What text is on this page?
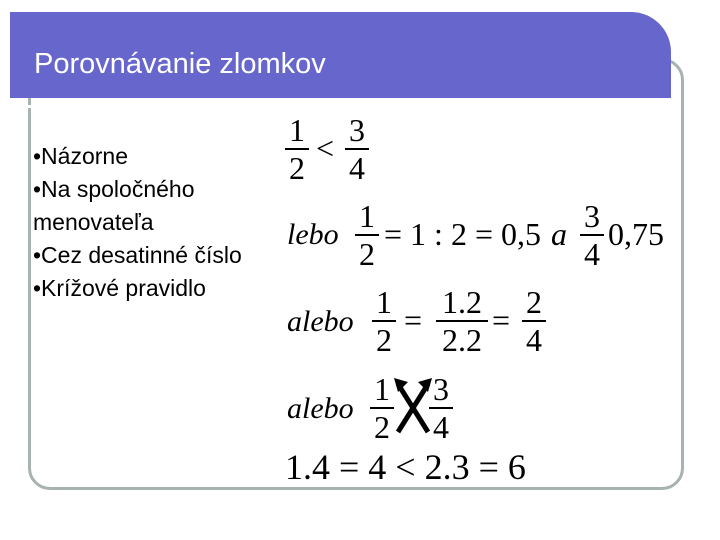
Porovnávanie zlomkov
•Názorne
•Na spoločného menovateľa
•Cez desatinné číslo
•Krížové pravidlo
1
2
< 3
4
lebo
1
2
= 1 : 2 = 0,5 a 3
4
0,75
alebo
1
2
= 1.2
2.2
= 2
4
alebo
1
2
3
4
1.4 = 4 < 2.3 = 6
